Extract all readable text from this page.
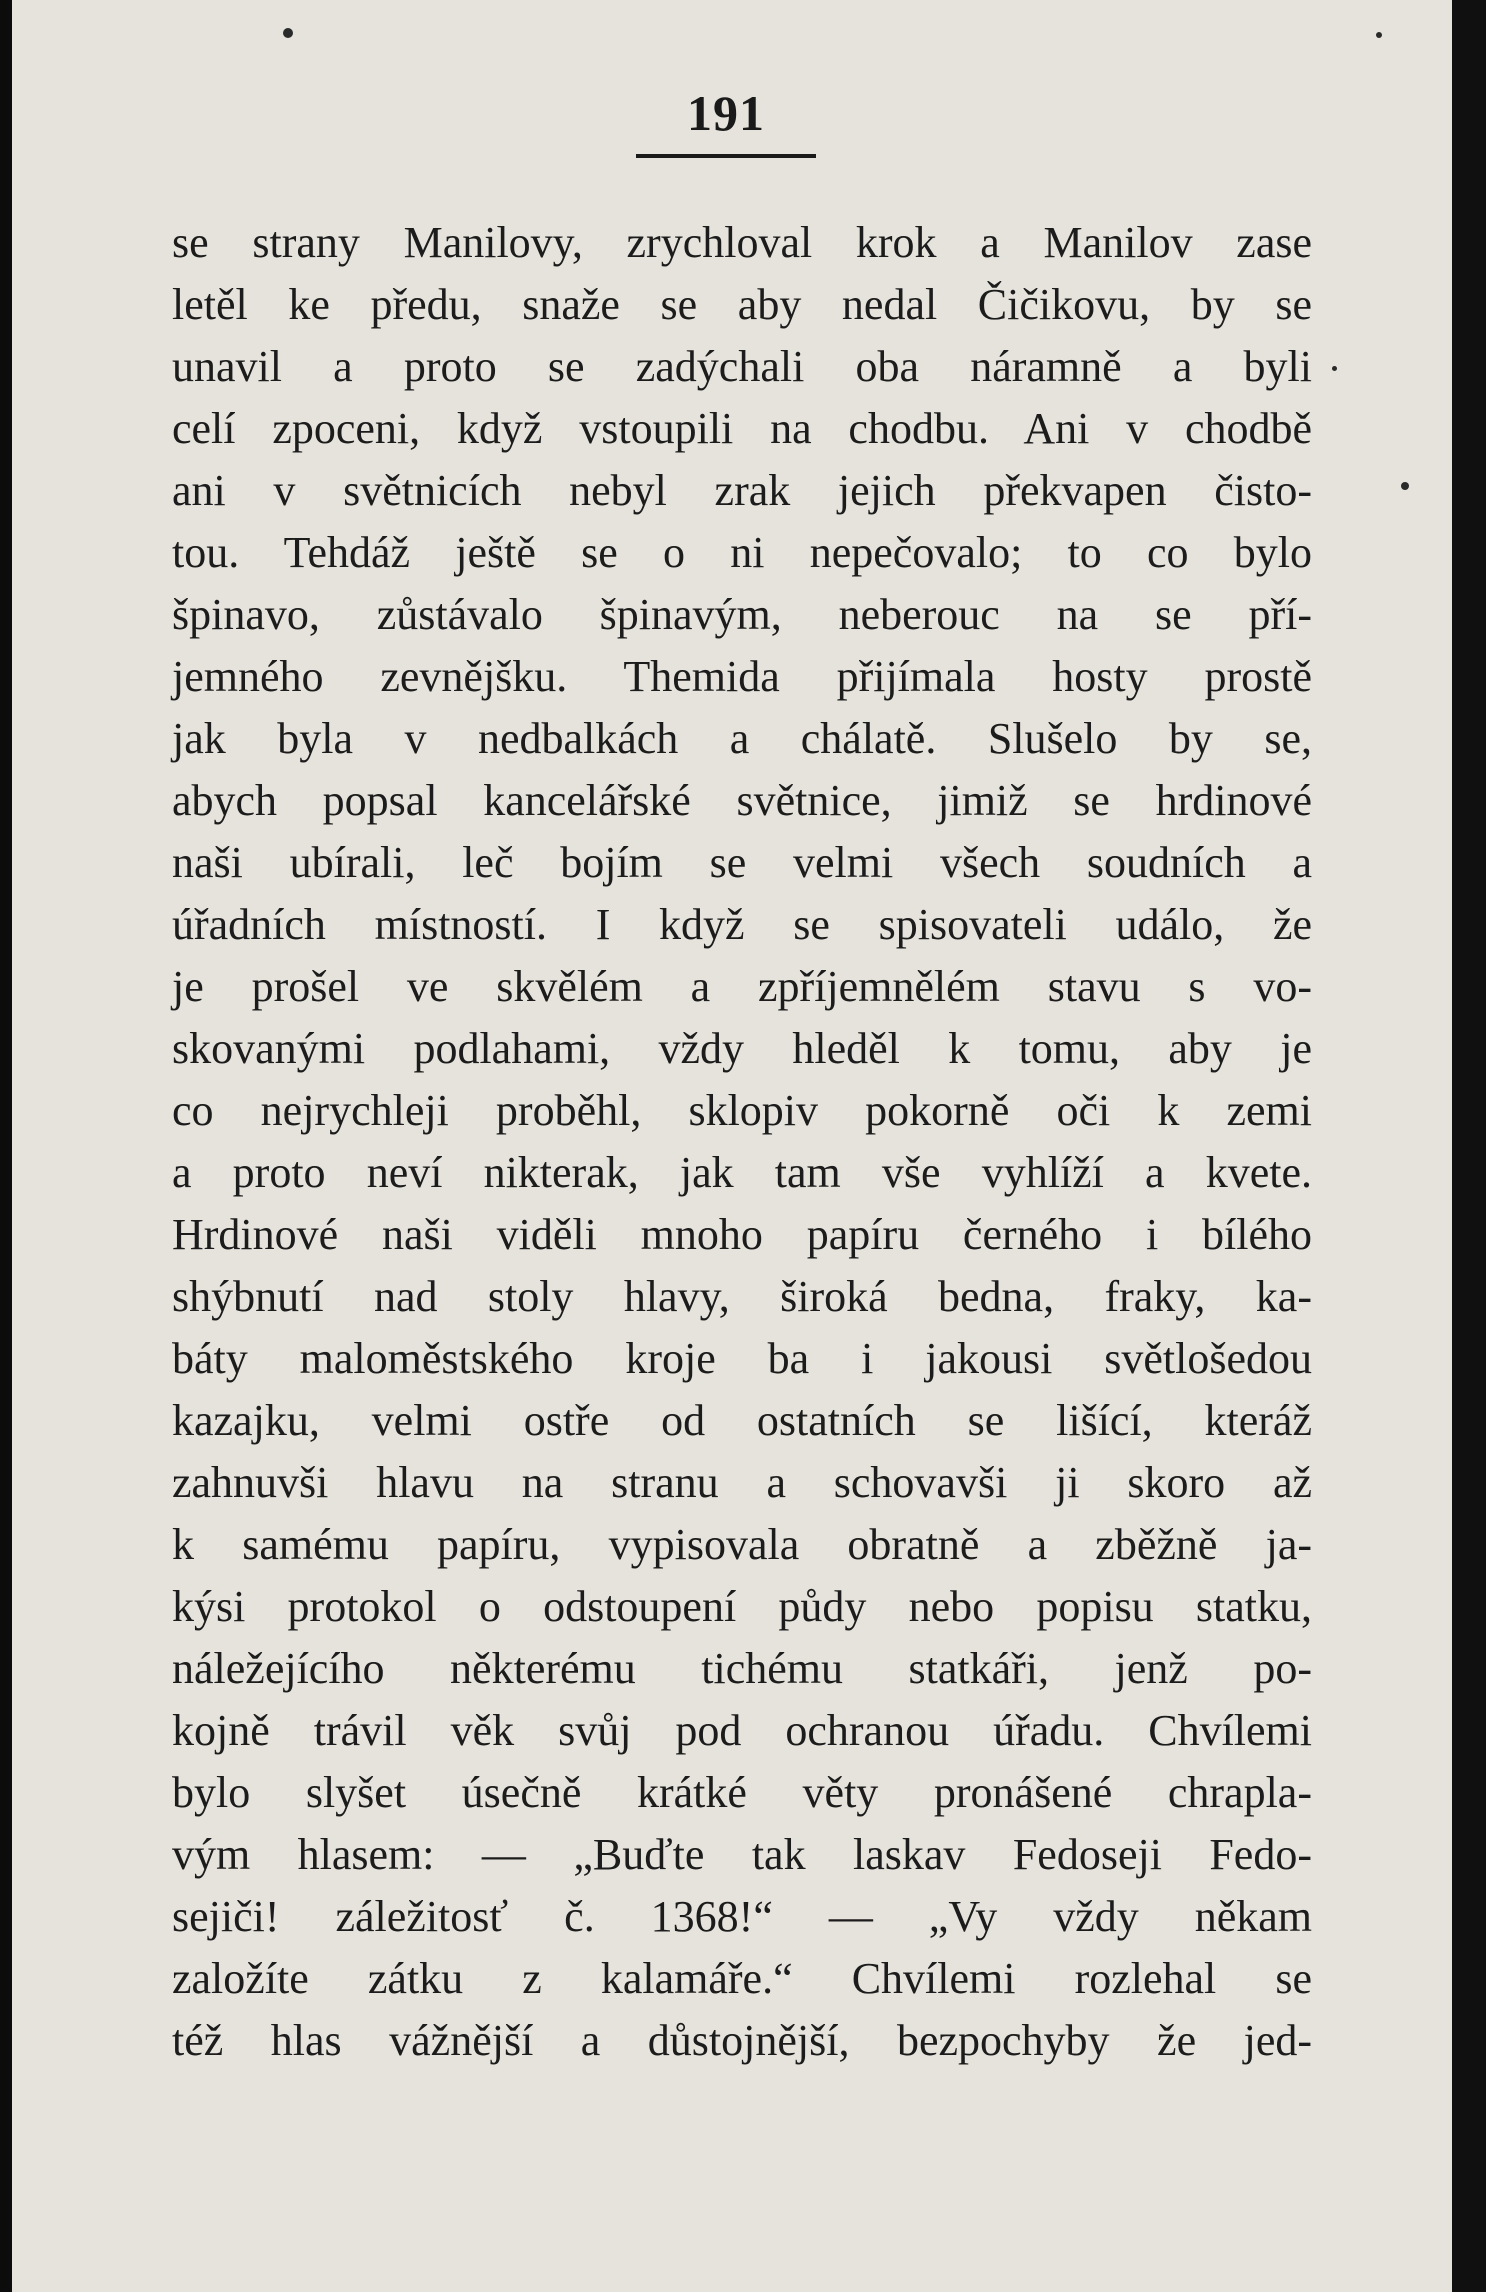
191
se strany Manilovy, zrychloval krok a Manilov zase
letěl ke předu, snaže se aby nedal Čičikovu, by se
unavil a proto se zadýchali oba náramně a byli
celí zpoceni, když vstoupili na chodbu. Ani v chodbě
ani v světnicích nebyl zrak jejich překvapen čisto-
tou. Tehdáž ještě se o ni nepečovalo; to co bylo
špinavo, zůstávalo špinavým, neberouc na se pří-
jemného zevnějšku. Themida přijímala hosty prostě
jak byla v nedbalkách a chálatě. Slušelo by se,
abych popsal kancelářské světnice, jimiž se hrdinové
naši ubírali, leč bojím se velmi všech soudních a
úřadních místností. I když se spisovateli událo, že
je prošel ve skvělém a zpříjemnělém stavu s vo-
skovanými podlahami, vždy hleděl k tomu, aby je
co nejrychleji proběhl, sklopiv pokorně oči k zemi
a proto neví nikterak, jak tam vše vyhlíží a kvete.
Hrdinové naši viděli mnoho papíru černého i bílého
shýbnutí nad stoly hlavy, široká bedna, fraky, ka-
báty maloměstského kroje ba i jakousi světlošedou
kazajku, velmi ostře od ostatních se lišící, kteráž
zahnuvši hlavu na stranu a schovavši ji skoro až
k samému papíru, vypisovala obratně a zběžně ja-
kýsi protokol o odstoupení půdy nebo popisu statku,
náležejícího některému tichému statkáři, jenž po-
kojně trávil věk svůj pod ochranou úřadu. Chvílemi
bylo slyšet úsečně krátké věty pronášené chrapla-
vým hlasem: — „Buďte tak laskav Fedoseji Fedo-
sejiči! záležitosť č. 1368!“ — „Vy vždy někam
založíte zátku z kalamáře.“ Chvílemi rozlehal se
též hlas vážnější a důstojnější, bezpochyby že jed-
